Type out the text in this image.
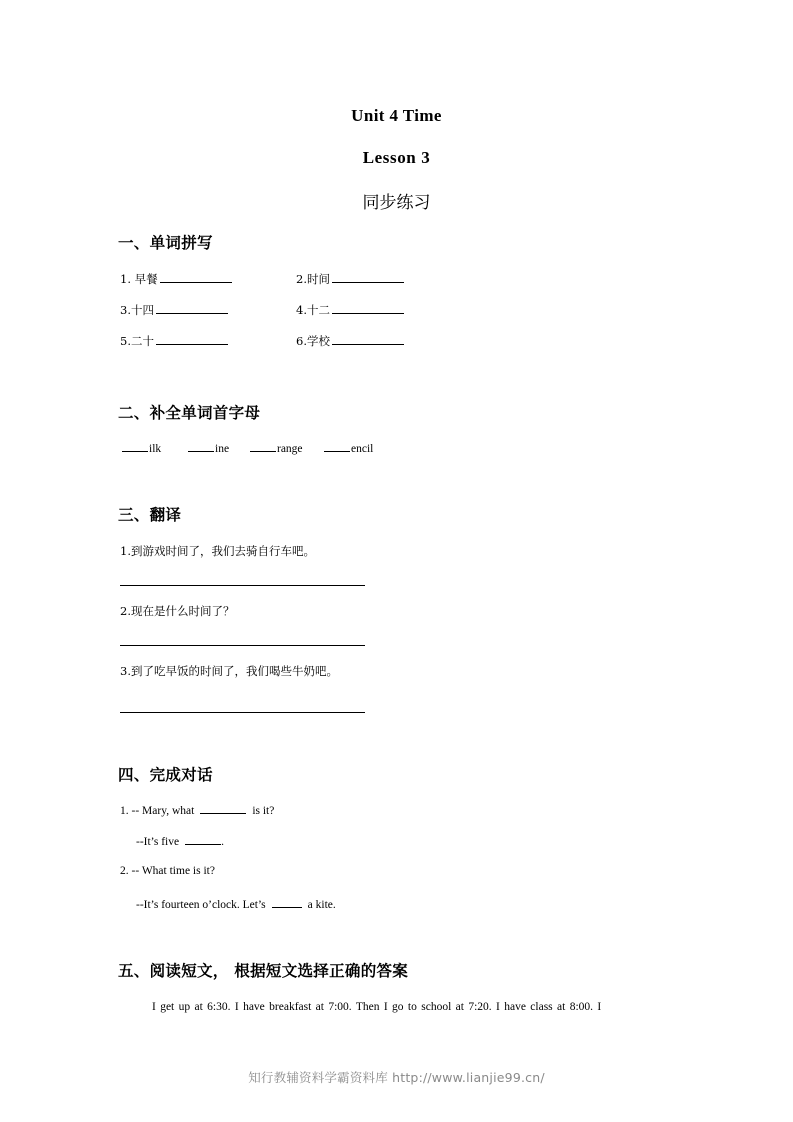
Unit 4 Time
Lesson 3
同步练习
一、单词拼写
1. 早餐	2.时间
3.十四	4.十二
5.二十	6.学校
二、补全单词首字母
ilk	ine	range	encil
三、翻译
1.到游戏时间了，我们去骑自行车吧。
2.现在是什么时间了？
3.到了吃早饭的时间了，我们喝些牛奶吧。
四、完成对话
1. -- Mary, what	is it?
--It’s five	.
2. -- What time is it?
--It’s fourteen o’clock. Let’s	a kite.
五、阅读短文， 根据短文选择正确的答案
I get up at 6:30. I have breakfast at 7:00. Then I go to school at 7:20. I have class at 8:00. I
知行教辅资料学霸资料库 http://www.lianjie99.cn/
